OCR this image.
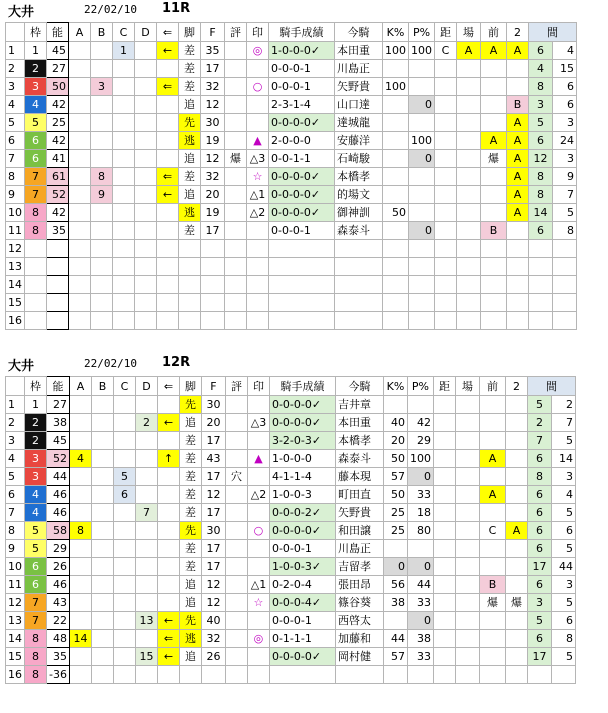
大井	22/02/10 11R
	枠	能	A	B	C	D	⇐	脚	F	評	印	騎手成績	今騎	K%	P%	距	場	前	2	間	
1	1	45			1		←	差	35		◎	1-0-0-0✓	本田重	100	100	C	A	A	A	6	4
2	2	27						差	17			0-0-0-1	川島正							4	15
3	3	50		3			⇐	差	32		○	0-0-0-1	矢野貴	100						8	6
4	4	42						追	12			2-3-1-4	山口達		0				B	3	6
5	5	25						先	30			0-0-0-0✓	達城龍						A	5	3
6	6	42						逃	19		▲	2-0-0-0	安藤洋		100			A	A	6	24
7	6	41						追	12	爆	△3	0-0-1-1	石崎駿		0			爆	A	12	3
8	7	61		8			⇐	差	32		☆	0-0-0-0✓	本橋孝						A	8	9
9	7	52		9			←	追	20		△1	0-0-0-0✓	的場文						A	8	7
10	8	42						逃	19		△2	0-0-0-0✓	御神訓	50					A	14	5
11	8	35						差	17			0-0-0-1	森泰斗		0			B		6	8
12																					
13																					
14																					
15																					
16																					
大井	22/02/10 12R
	枠	能	A	B	C	D	⇐	脚	F	評	印	騎手成績	今騎	K%	P%	距	場	前	2	間	
1	1	27						先	30			0-0-0-0✓	吉井章							5	2
2	2	38				2	←	追	20		△3	0-0-0-0✓	本田重	40	42					2	7
3	2	45						差	17			3-2-0-3✓	本橋孝	20	29					7	5
4	3	52	4				↑	差	43		▲	1-0-0-0	森泰斗	50	100			A		6	14
5	3	44			5			差	17	穴		4-1-1-4	藤本現	57	0					8	3
6	4	46			6			差	12		△2	1-0-0-3	町田直	50	33			A		6	4
7	4	46				7		差	17			0-0-0-2✓	矢野貴	25	18					6	5
8	5	58	8					先	30		○	0-0-0-0✓	和田譲	25	80			C	A	6	6
9	5	29						差	17			0-0-0-1	川島正							6	5
10	6	26						差	17			1-0-0-3✓	吉留孝	0	0					17	44
11	6	46						追	12		△1	0-2-0-4	張田昂	56	44			B		6	3
12	7	43						追	12		☆	0-0-0-4✓	篠谷葵	38	33			爆	爆	3	5
13	7	22				13	←	先	40			0-0-0-1	西啓太		0					5	6
14	8	48	14				⇐	逃	32		◎	0-1-1-1	加藤和	44	38					6	8
15	8	35				15	←	追	26			0-0-0-0✓	岡村健	57	33					17	5
16	8	-36																			
